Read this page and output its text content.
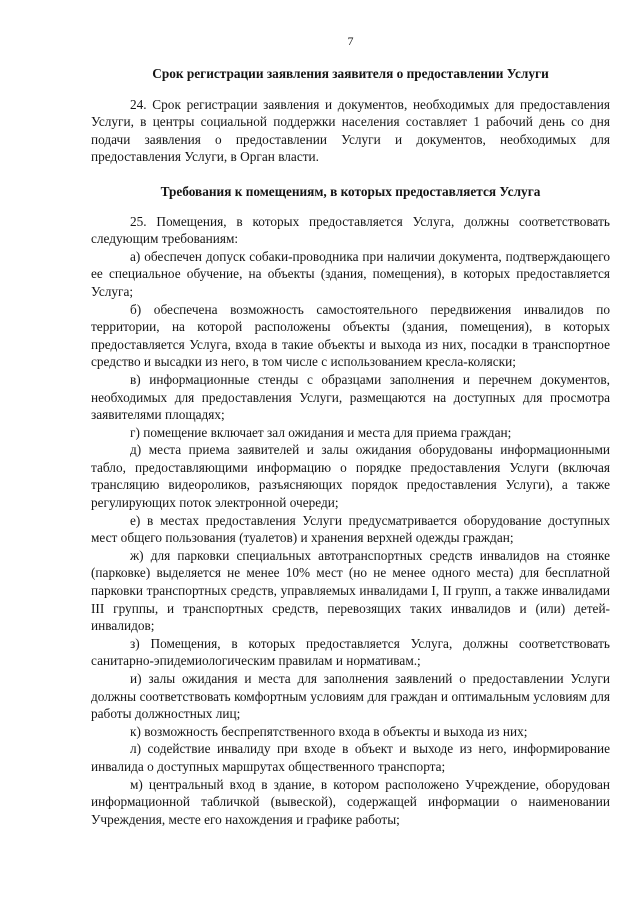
7
Срок регистрации заявления заявителя о предоставлении Услуги

24. Срок регистрации заявления и документов, необходимых для предоставления Услуги, в центры социальной поддержки населения составляет 1 рабочий день со дня подачи заявления о предоставлении Услуги и документов, необходимых для предоставления Услуги, в Орган власти.

Требования к помещениям, в которых предоставляется Услуга

25. Помещения, в которых предоставляется Услуга, должны соответствовать следующим требованиям:

а) обеспечен допуск собаки-проводника при наличии документа, подтверждающего ее специальное обучение, на объекты (здания, помещения), в которых предоставляется Услуга;

б) обеспечена возможность самостоятельного передвижения инвалидов по территории, на которой расположены объекты (здания, помещения), в которых предоставляется Услуга, входа в такие объекты и выхода из них, посадки в транспортное средство и высадки из него, в том числе с использованием кресла-коляски;

в) информационные стенды с образцами заполнения и перечнем документов, необходимых для предоставления Услуги, размещаются на доступных для просмотра заявителями площадях;

г) помещение включает зал ожидания и места для приема граждан;

д) места приема заявителей и залы ожидания оборудованы информационными табло, предоставляющими информацию о порядке предоставления Услуги (включая трансляцию видеороликов, разъясняющих порядок предоставления Услуги), а также регулирующих поток электронной очереди;

е) в местах предоставления Услуги предусматривается оборудование доступных мест общего пользования (туалетов) и хранения верхней одежды граждан;

ж) для парковки специальных автотранспортных средств инвалидов на стоянке (парковке) выделяется не менее 10% мест (но не менее одного места) для бесплатной парковки транспортных средств, управляемых инвалидами I, II групп, а также инвалидами III группы, и транспортных средств, перевозящих таких инвалидов и (или) детей-инвалидов;

з) Помещения, в которых предоставляется Услуга, должны соответствовать санитарно-эпидемиологическим правилам и нормативам.;

и) залы ожидания и места для заполнения заявлений о предоставлении Услуги должны соответствовать комфортным условиям для граждан и оптимальным условиям для работы должностных лиц;

к) возможность беспрепятственного входа в объекты и выхода из них;

л) содействие инвалиду при входе в объект и выходе из него, информирование инвалида о доступных маршрутах общественного транспорта;

м) центральный вход в здание, в котором расположено Учреждение, оборудован информационной табличкой (вывеской), содержащей информации о наименовании Учреждения, месте его нахождения и графике работы;
